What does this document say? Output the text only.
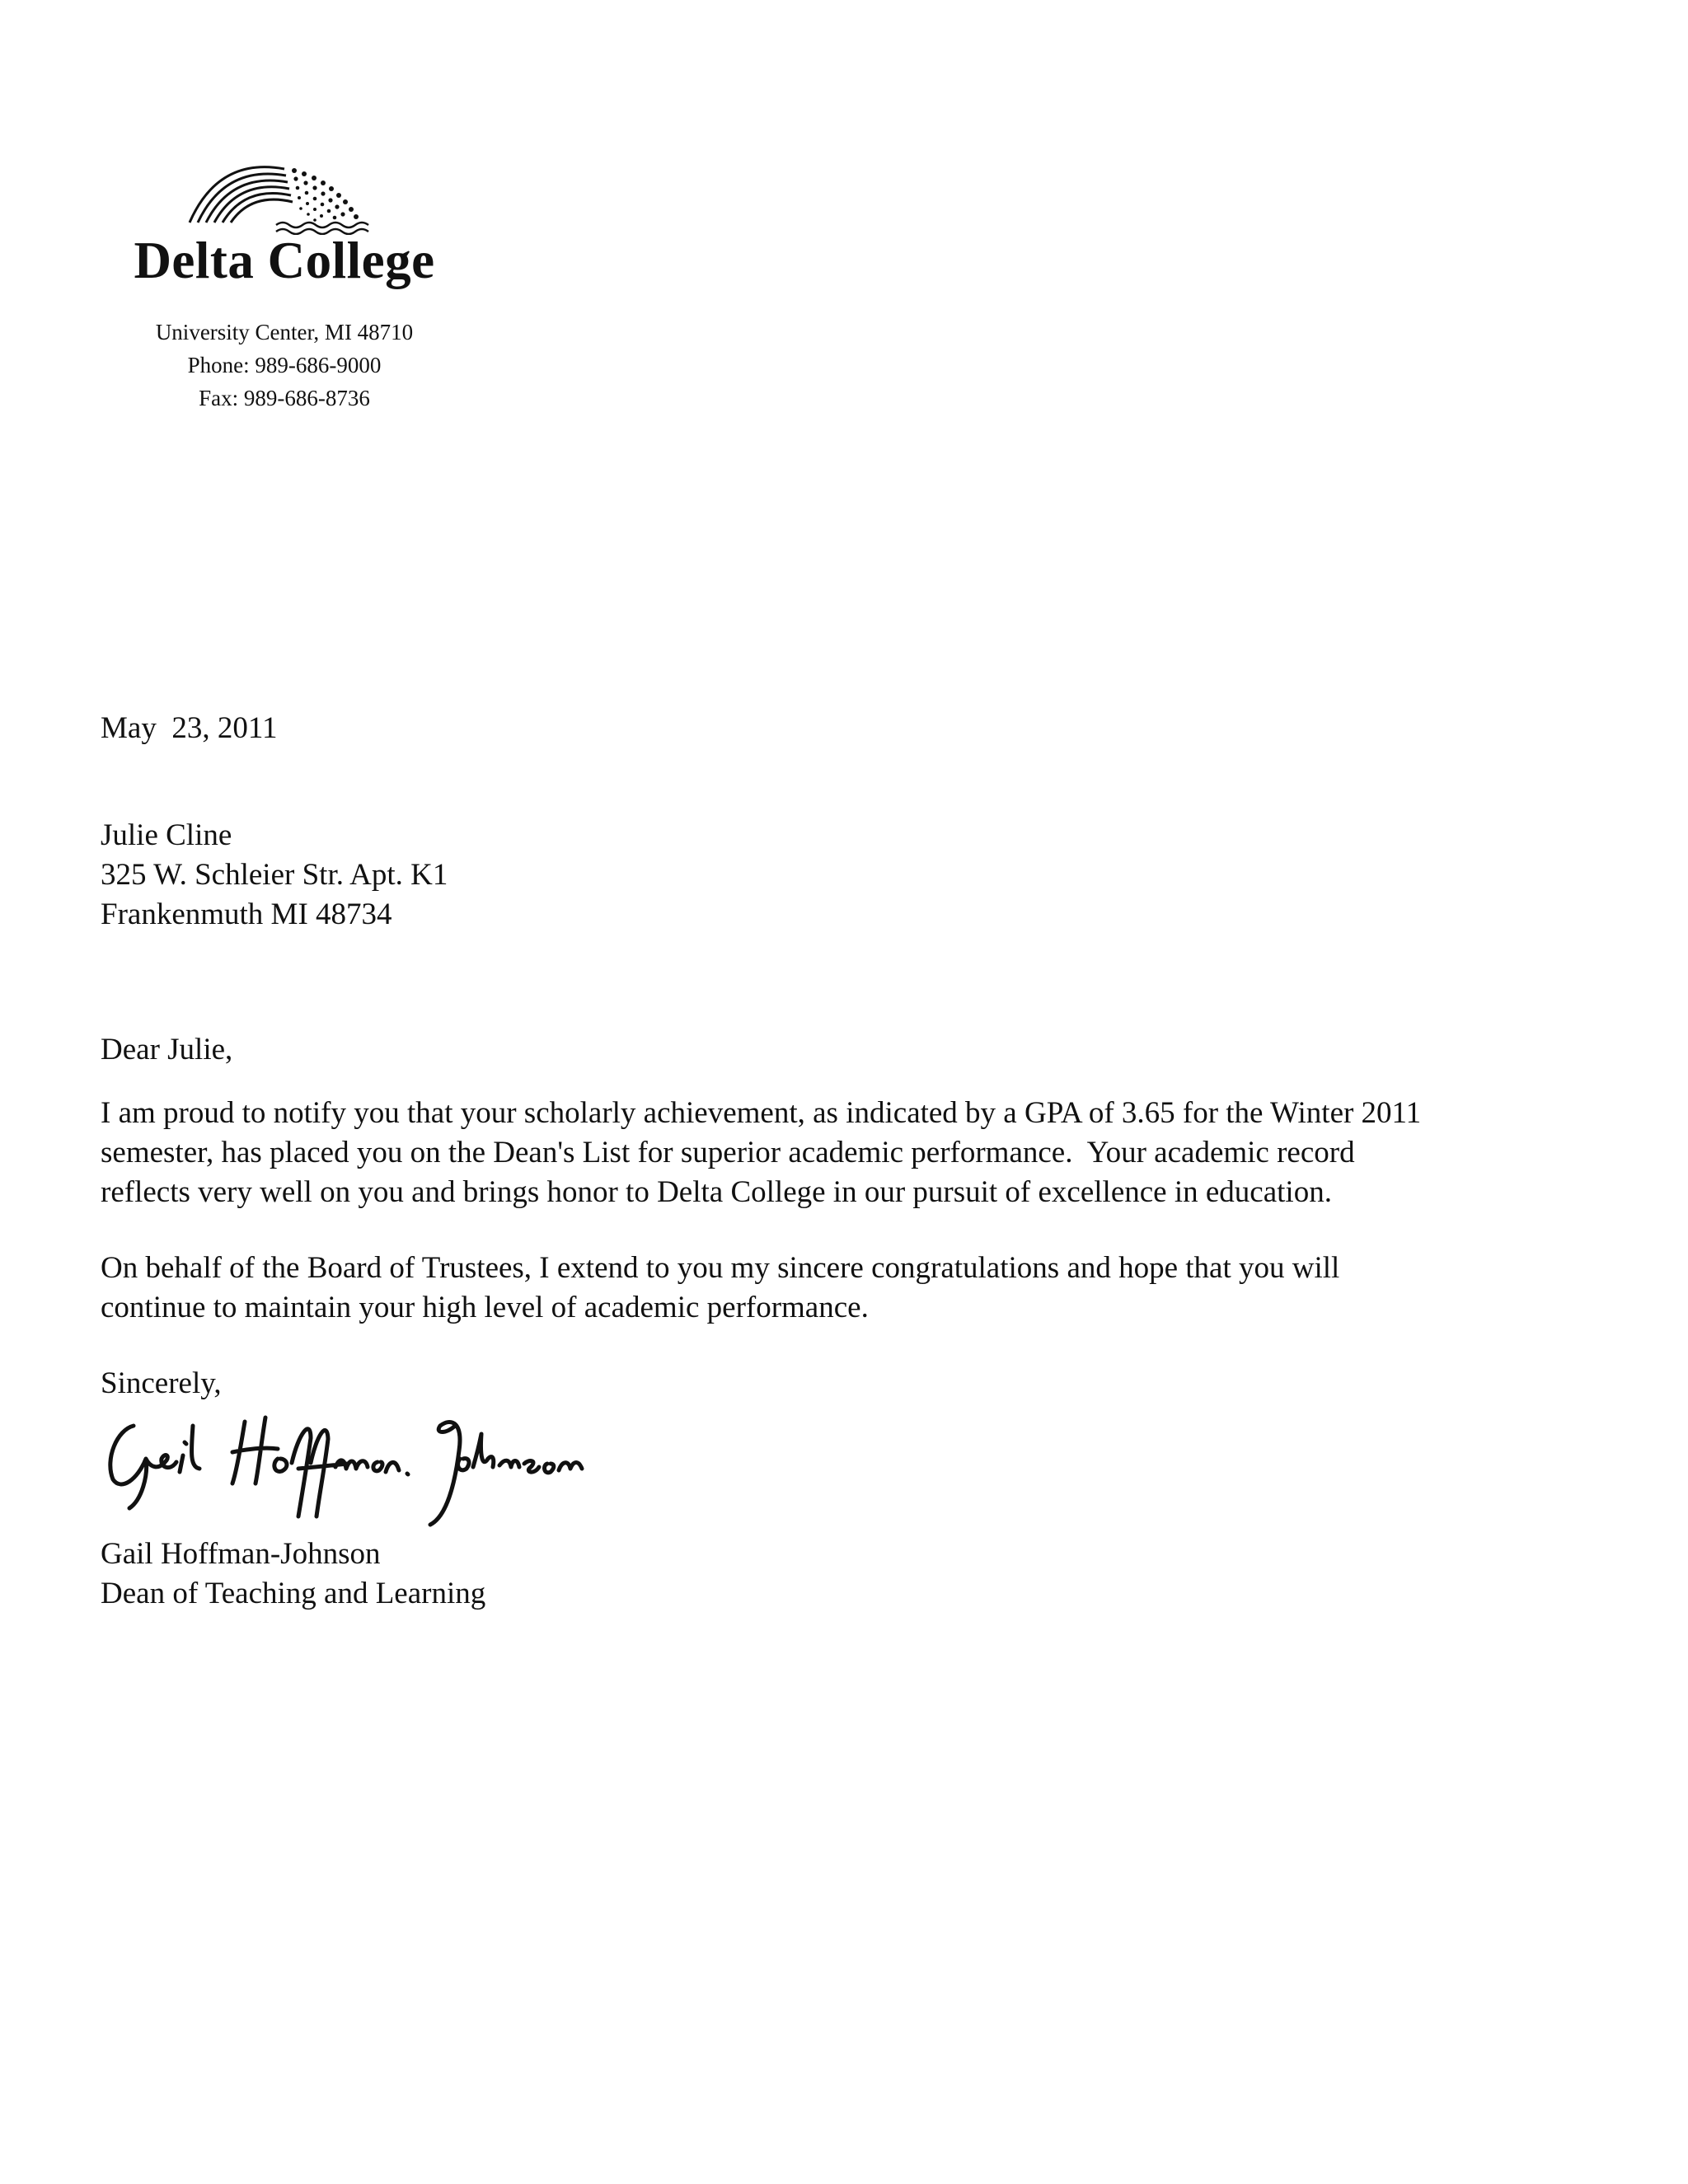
Delta College
University Center, MI 48710
Phone: 989-686-9000
Fax: 989-686-8736
May  23, 2011
Julie Cline
325 W. Schleier Str. Apt. K1
Frankenmuth MI 48734
Dear Julie,
I am proud to notify you that your scholarly achievement, as indicated by a GPA of 3.65 for the Winter 2011
semester, has placed you on the Dean's List for superior academic performance.  Your academic record
reflects very well on you and brings honor to Delta College in our pursuit of excellence in education.
On behalf of the Board of Trustees, I extend to you my sincere congratulations and hope that you will
continue to maintain your high level of academic performance.
Sincerely,
Gail Hoffman-Johnson
Dean of Teaching and Learning
